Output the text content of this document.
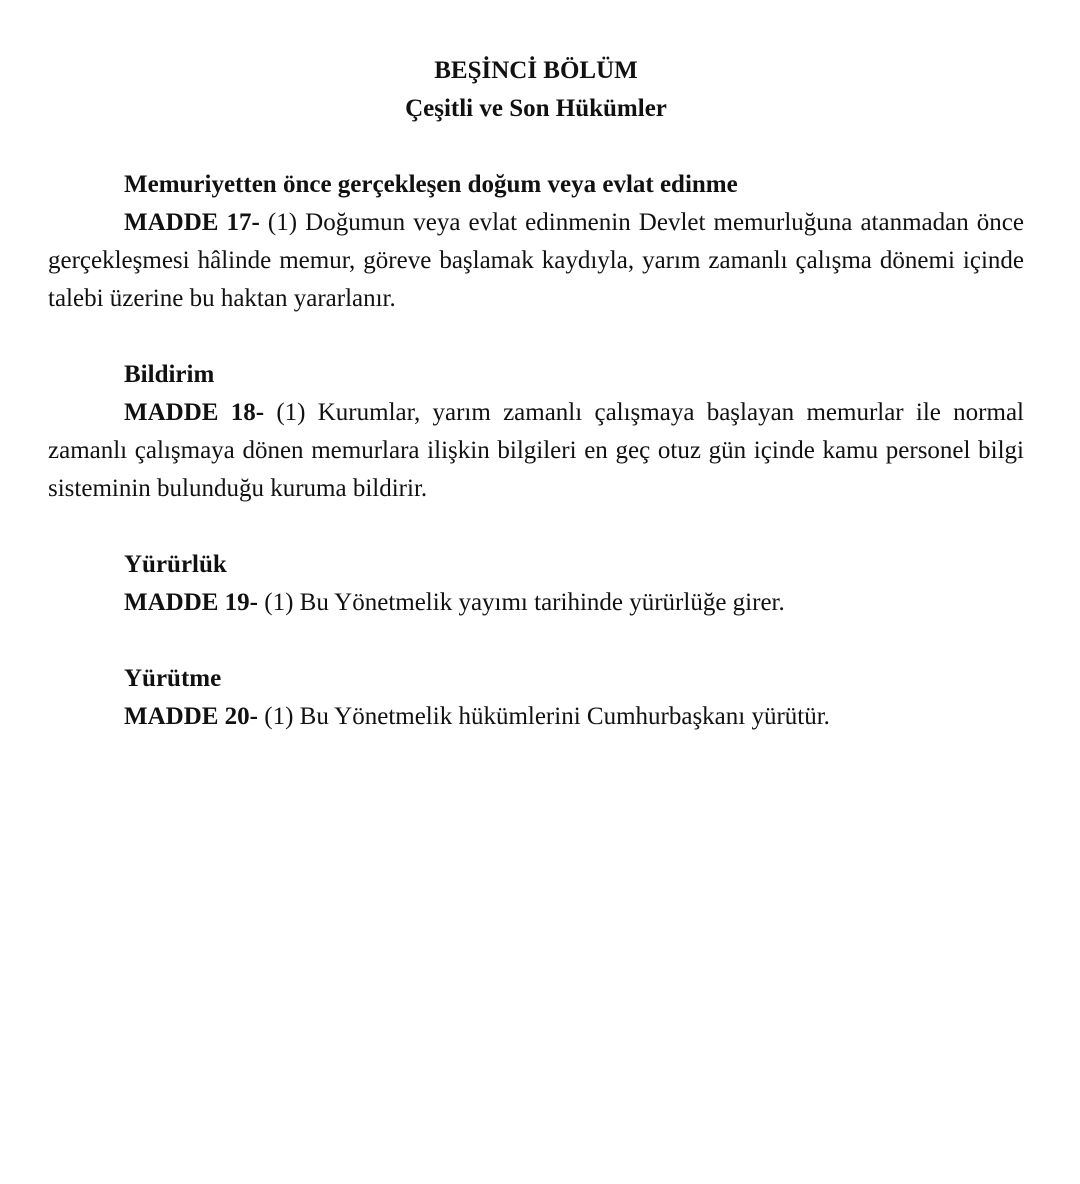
BEŞİNCİ BÖLÜM

Çeşitli ve Son Hükümler

Memuriyetten önce gerçekleşen doğum veya evlat edinme

MADDE 17- (1) Doğumun veya evlat edinmenin Devlet memurluğuna atanmadan önce gerçekleşmesi hâlinde memur, göreve başlamak kaydıyla, yarım zamanlı çalışma dönemi içinde talebi üzerine bu haktan yararlanır.

Bildirim

MADDE 18- (1) Kurumlar, yarım zamanlı çalışmaya başlayan memurlar ile normal zamanlı çalışmaya dönen memurlara ilişkin bilgileri en geç otuz gün içinde kamu personel bilgi sisteminin bulunduğu kuruma bildirir.

Yürürlük

MADDE 19- (1) Bu Yönetmelik yayımı tarihinde yürürlüğe girer.

Yürütme

MADDE 20- (1) Bu Yönetmelik hükümlerini Cumhurbaşkanı yürütür.
